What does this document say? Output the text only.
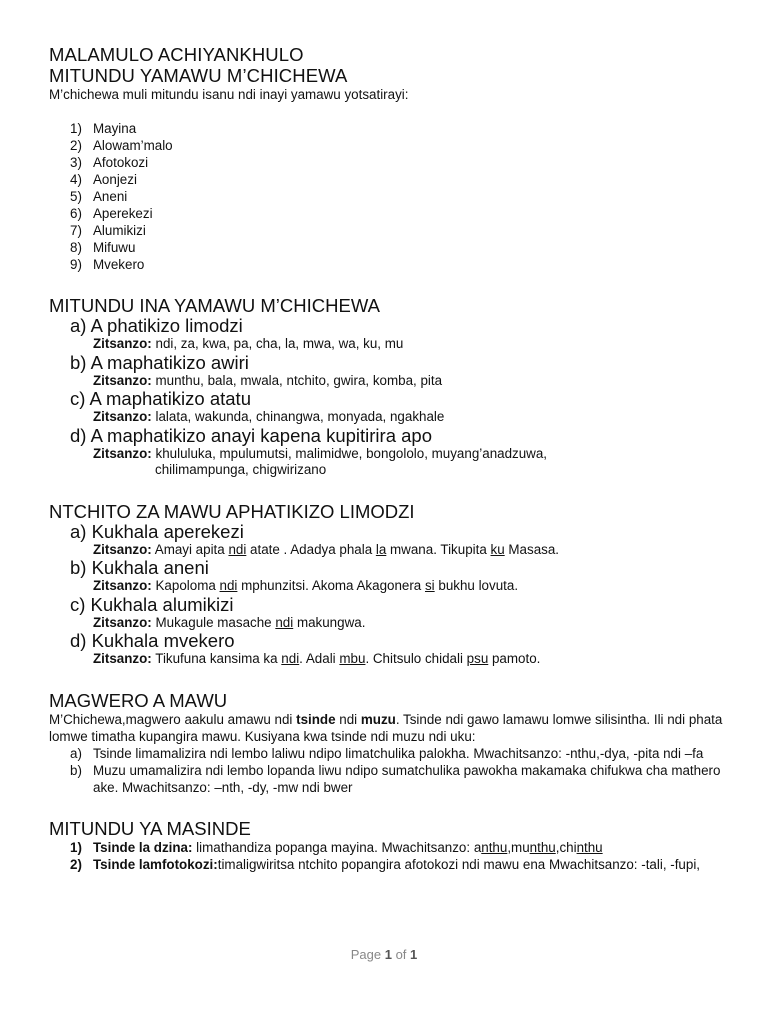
MALAMULO ACHIYANKHULO
MITUNDU YAMAWU M’CHICHEWA
M’chichewa muli mitundu isanu ndi inayi yamawu yotsatirayi:
1) Mayina
2) Alowam’malo
3) Afotokozi
4) Aonjezi
5) Aneni
6) Aperekezi
7) Alumikizi
8) Mifuwu
9) Mvekero
MITUNDU INA YAMAWU M’CHICHEWA
a) A phatikizo limodzi
Zitsanzo: ndi, za, kwa, pa, cha, la, mwa, wa, ku, mu
b) A maphatikizo awiri
Zitsanzo: munthu, bala, mwala, ntchito, gwira, komba, pita
c) A maphatikizo atatu
Zitsanzo: lalata, wakunda, chinangwa, monyada, ngakhale
d) A maphatikizo anayi kapena kupitirira apo
Zitsanzo: khululuka, mpulumutsi, malimidwe, bongololo, muyang’anadzuwa,
chilimampunga, chigwirizano
NTCHITO ZA MAWU APHATIKIZO LIMODZI
a) Kukhala aperekezi
Zitsanzo: Amayi apita ndi atate . Adadya phala la mwana. Tikupita ku Masasa.
b) Kukhala aneni
Zitsanzo: Kapoloma ndi mphunzitsi. Akoma Akagonera si bukhu lovuta.
c) Kukhala alumikizi
Zitsanzo: Mukagule masache ndi makungwa.
d) Kukhala mvekero
Zitsanzo: Tikufuna kansima ka ndi. Adali mbu. Chitsulo chidali psu pamoto.
MAGWERO A MAWU
M’Chichewa,magwero aakulu amawu ndi tsinde ndi muzu. Tsinde ndi gawo lamawu lomwe silisintha. Ili ndi phata lomwe timatha kupangira mawu. Kusiyana kwa tsinde ndi muzu ndi uku:
a) Tsinde limamalizira ndi lembo laliwu ndipo limatchulika palokha. Mwachitsanzo: -nthu,-dya, -pita ndi –fa
b) Muzu umamalizira ndi lembo lopanda liwu ndipo sumatchulika pawokha makamaka chifukwa cha mathero ake. Mwachitsanzo: –nth, -dy, -mw ndi bwer
MITUNDU YA MASINDE
1) Tsinde la dzina: limathandiza popanga mayina. Mwachitsanzo: anthu,munthu,chinthu
2) Tsinde lamfotokozi:timaligwiritsa ntchito popangira afotokozi ndi mawu ena Mwachitsanzo: -tali, -fupi,
Page 1 of 1
